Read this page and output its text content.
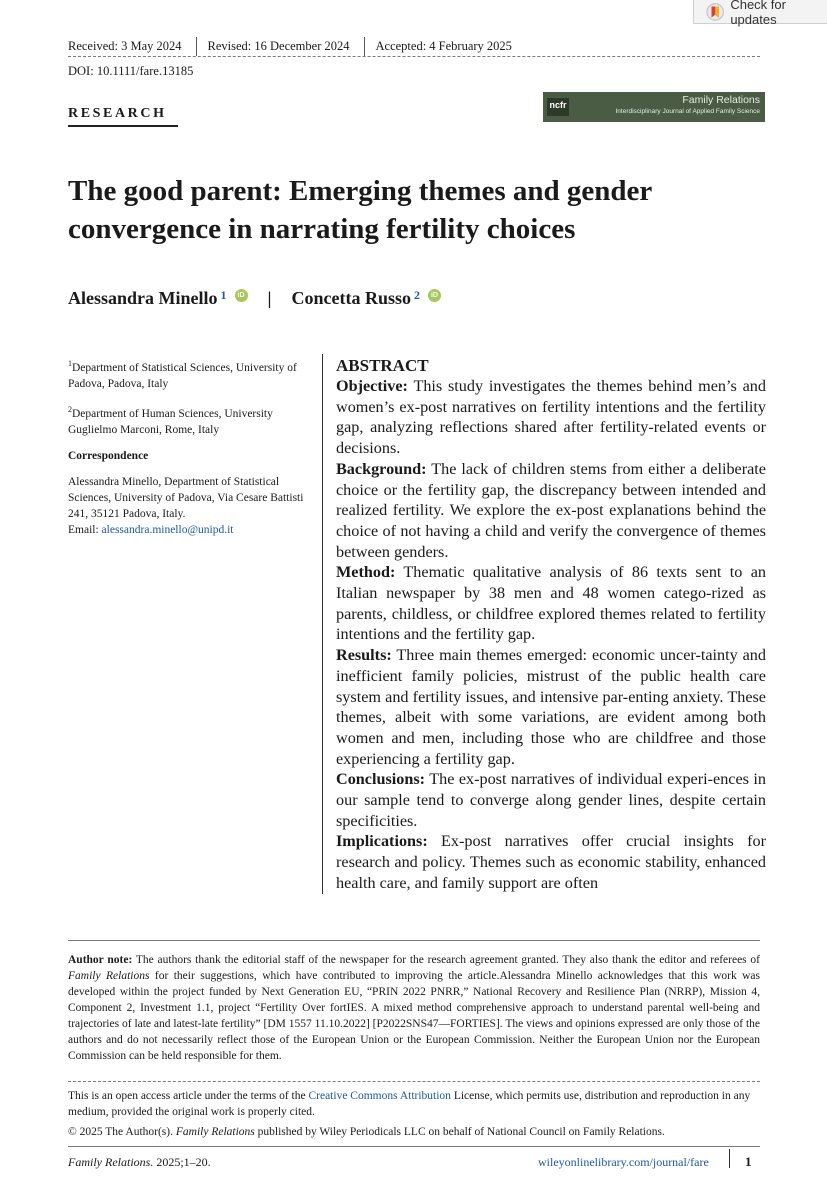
Check for updates
Received: 3 May 2024 Revised: 16 December 2024 Accepted: 4 February 2025
DOI: 10.1111/fare.13185
RESEARCH
ncfr	Family Relations
Interdisciplinary Journal of Applied Family Science
The good parent: Emerging themes and gender convergence in narrating fertility choices
Alessandra Minello $^1$	iD | Concetta Russo $^2$	iD

$^1$Department of Statistical Sciences, University of Padova, Padova, Italy

$^2$Department of Human Sciences, University Guglielmo Marconi, Rome, Italy

Correspondence

Alessandra Minello, Department of Statistical Sciences, University of Padova, Via Cesare Battisti 241, 35121 Padova, Italy.
Email: alessandra.minello@unipd.it

ABSTRACT

Objective: This study investigates the themes behind men’s and women’s ex-post narratives on fertility intentions and the fertility gap, analyzing reflections shared after fertility-related events or decisions.

Background: The lack of children stems from either a deliberate choice or the fertility gap, the discrepancy between intended and realized fertility. We explore the ex-post explanations behind the choice of not having a child and verify the convergence of themes between genders.

Method: Thematic qualitative analysis of 86 texts sent to an Italian newspaper by 38 men and 48 women catego-rized as parents, childless, or childfree explored themes related to fertility intentions and the fertility gap.

Results: Three main themes emerged: economic uncer-tainty and inefficient family policies, mistrust of the public health care system and fertility issues, and intensive par-enting anxiety. These themes, albeit with some variations, are evident among both women and men, including those who are childfree and those experiencing a fertility gap.

Conclusions: The ex-post narratives of individual experi-ences in our sample tend to converge along gender lines, despite certain specificities.

Implications: Ex-post narratives offer crucial insights for research and policy. Themes such as economic stability, enhanced health care, and family support are often

Author note: The authors thank the editorial staff of the newspaper for the research agreement granted. They also thank the editor and referees of Family Relations for their suggestions, which have contributed to improving the article.Alessandra Minello acknowledges that this work was developed within the project funded by Next Generation EU, “PRIN 2022 PNRR,” National Recovery and Resilience Plan (NRRP), Mission 4, Component 2, Investment 1.1, project “Fertility Over fortIES. A mixed method comprehensive approach to understand parental well-being and trajectories of late and latest-late fertility” [DM 1557 11.10.2022] [P2022SNS47—FORTIES]. The views and opinions expressed are only those of the authors and do not necessarily reflect those of the European Union or the European Commission. Neither the European Union nor the European Commission can be held responsible for them.
This is an open access article under the terms of the Creative Commons Attribution License, which permits use, distribution and reproduction in any medium, provided the original work is properly cited.
© 2025 The Author(s). Family Relations published by Wiley Periodicals LLC on behalf of National Council on Family Relations.
Family Relations. 2025;1–20.	wileyonlinelibrary.com/journal/fare	1
